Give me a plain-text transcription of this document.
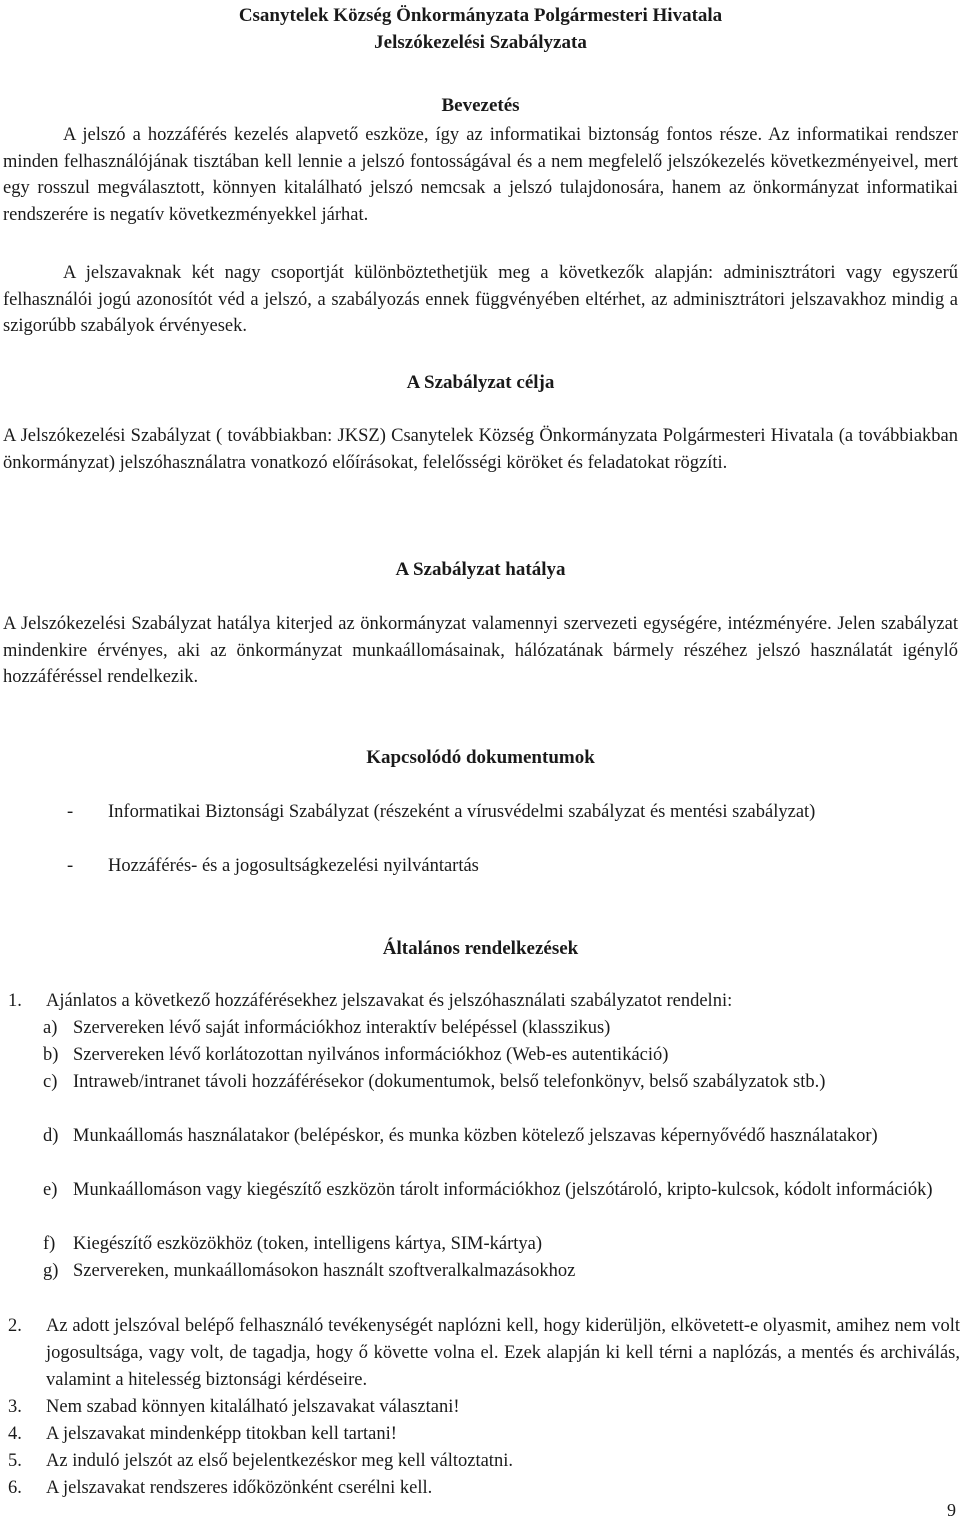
Csanytelek Község Önkormányzata Polgármesteri Hivatala
Jelszókezelési Szabályzata
Bevezetés

A jelszó a hozzáférés kezelés alapvető eszköze, így az informatikai biztonság fontos része. Az informatikai rendszer minden felhasználójának tisztában kell lennie a jelszó fontosságával és a nem megfelelő jelszókezelés következményeivel, mert egy rosszul megválasztott, könnyen kitalálható jelszó nemcsak a jelszó tulajdonosára, hanem az önkormányzat informatikai rendszerére is negatív következményekkel járhat.

A jelszavaknak két nagy csoportját különböztethetjük meg a következők alapján: adminisztrátori vagy egyszerű felhasználói jogú azonosítót véd a jelszó, a szabályozás ennek függvényében eltérhet, az adminisztrátori jelszavakhoz mindig a szigorúbb szabályok érvényesek.

A Szabályzat célja

A Jelszókezelési Szabályzat ( továbbiakban: JKSZ) Csanytelek Község Önkormányzata Polgármesteri Hivatala (a továbbiakban önkormányzat) jelszóhasználatra vonatkozó előírásokat, felelősségi köröket és feladatokat rögzíti.

A Szabályzat hatálya

A Jelszókezelési Szabályzat hatálya kiterjed az önkormányzat valamennyi szervezeti egységére, intézményére. Jelen szabályzat mindenkire érvényes, aki az önkormányzat munkaállomásainak, hálózatának bármely részéhez jelszó használatát igénylő hozzáféréssel rendelkezik.

Kapcsolódó dokumentumok
- Informatikai Biztonsági Szabályzat (részeként a vírusvédelmi szabályzat és mentési szabályzat)
- Hozzáférés- és a jogosultságkezelési nyilvántartás
Általános rendelkezések
1. Ajánlatos a következő hozzáférésekhez jelszavakat és jelszóhasználati szabályzatot rendelni:
a) Szervereken lévő saját információkhoz interaktív belépéssel (klasszikus)
b) Szervereken lévő korlátozottan nyilvános információkhoz (Web-es autentikáció)
c) Intraweb/intranet távoli hozzáférésekor (dokumentumok, belső telefonkönyv, belső szabályzatok stb.)
d) Munkaállomás használatakor (belépéskor, és munka közben kötelező jelszavas képernyővédő használatakor)
e) Munkaállomáson vagy kiegészítő eszközön tárolt információkhoz (jelszótároló, kripto-kulcsok, kódolt információk)
f) Kiegészítő eszközökhöz (token, intelligens kártya, SIM-kártya)
g) Szervereken, munkaállomásokon használt szoftveralkalmazásokhoz
2. Az adott jelszóval belépő felhasználó tevékenységét naplózni kell, hogy kiderüljön, elkövetett-e olyasmit, amihez nem volt jogosultsága, vagy volt, de tagadja, hogy ő követte volna el. Ezek alapján ki kell térni a naplózás, a mentés és archiválás, valamint a hitelesség biztonsági kérdéseire.
3. Nem szabad könnyen kitalálható jelszavakat választani!
4. A jelszavakat mindenképp titokban kell tartani!
5. Az induló jelszót az első bejelentkezéskor meg kell változtatni.
6. A jelszavakat rendszeres időközönként cserélni kell.
9
